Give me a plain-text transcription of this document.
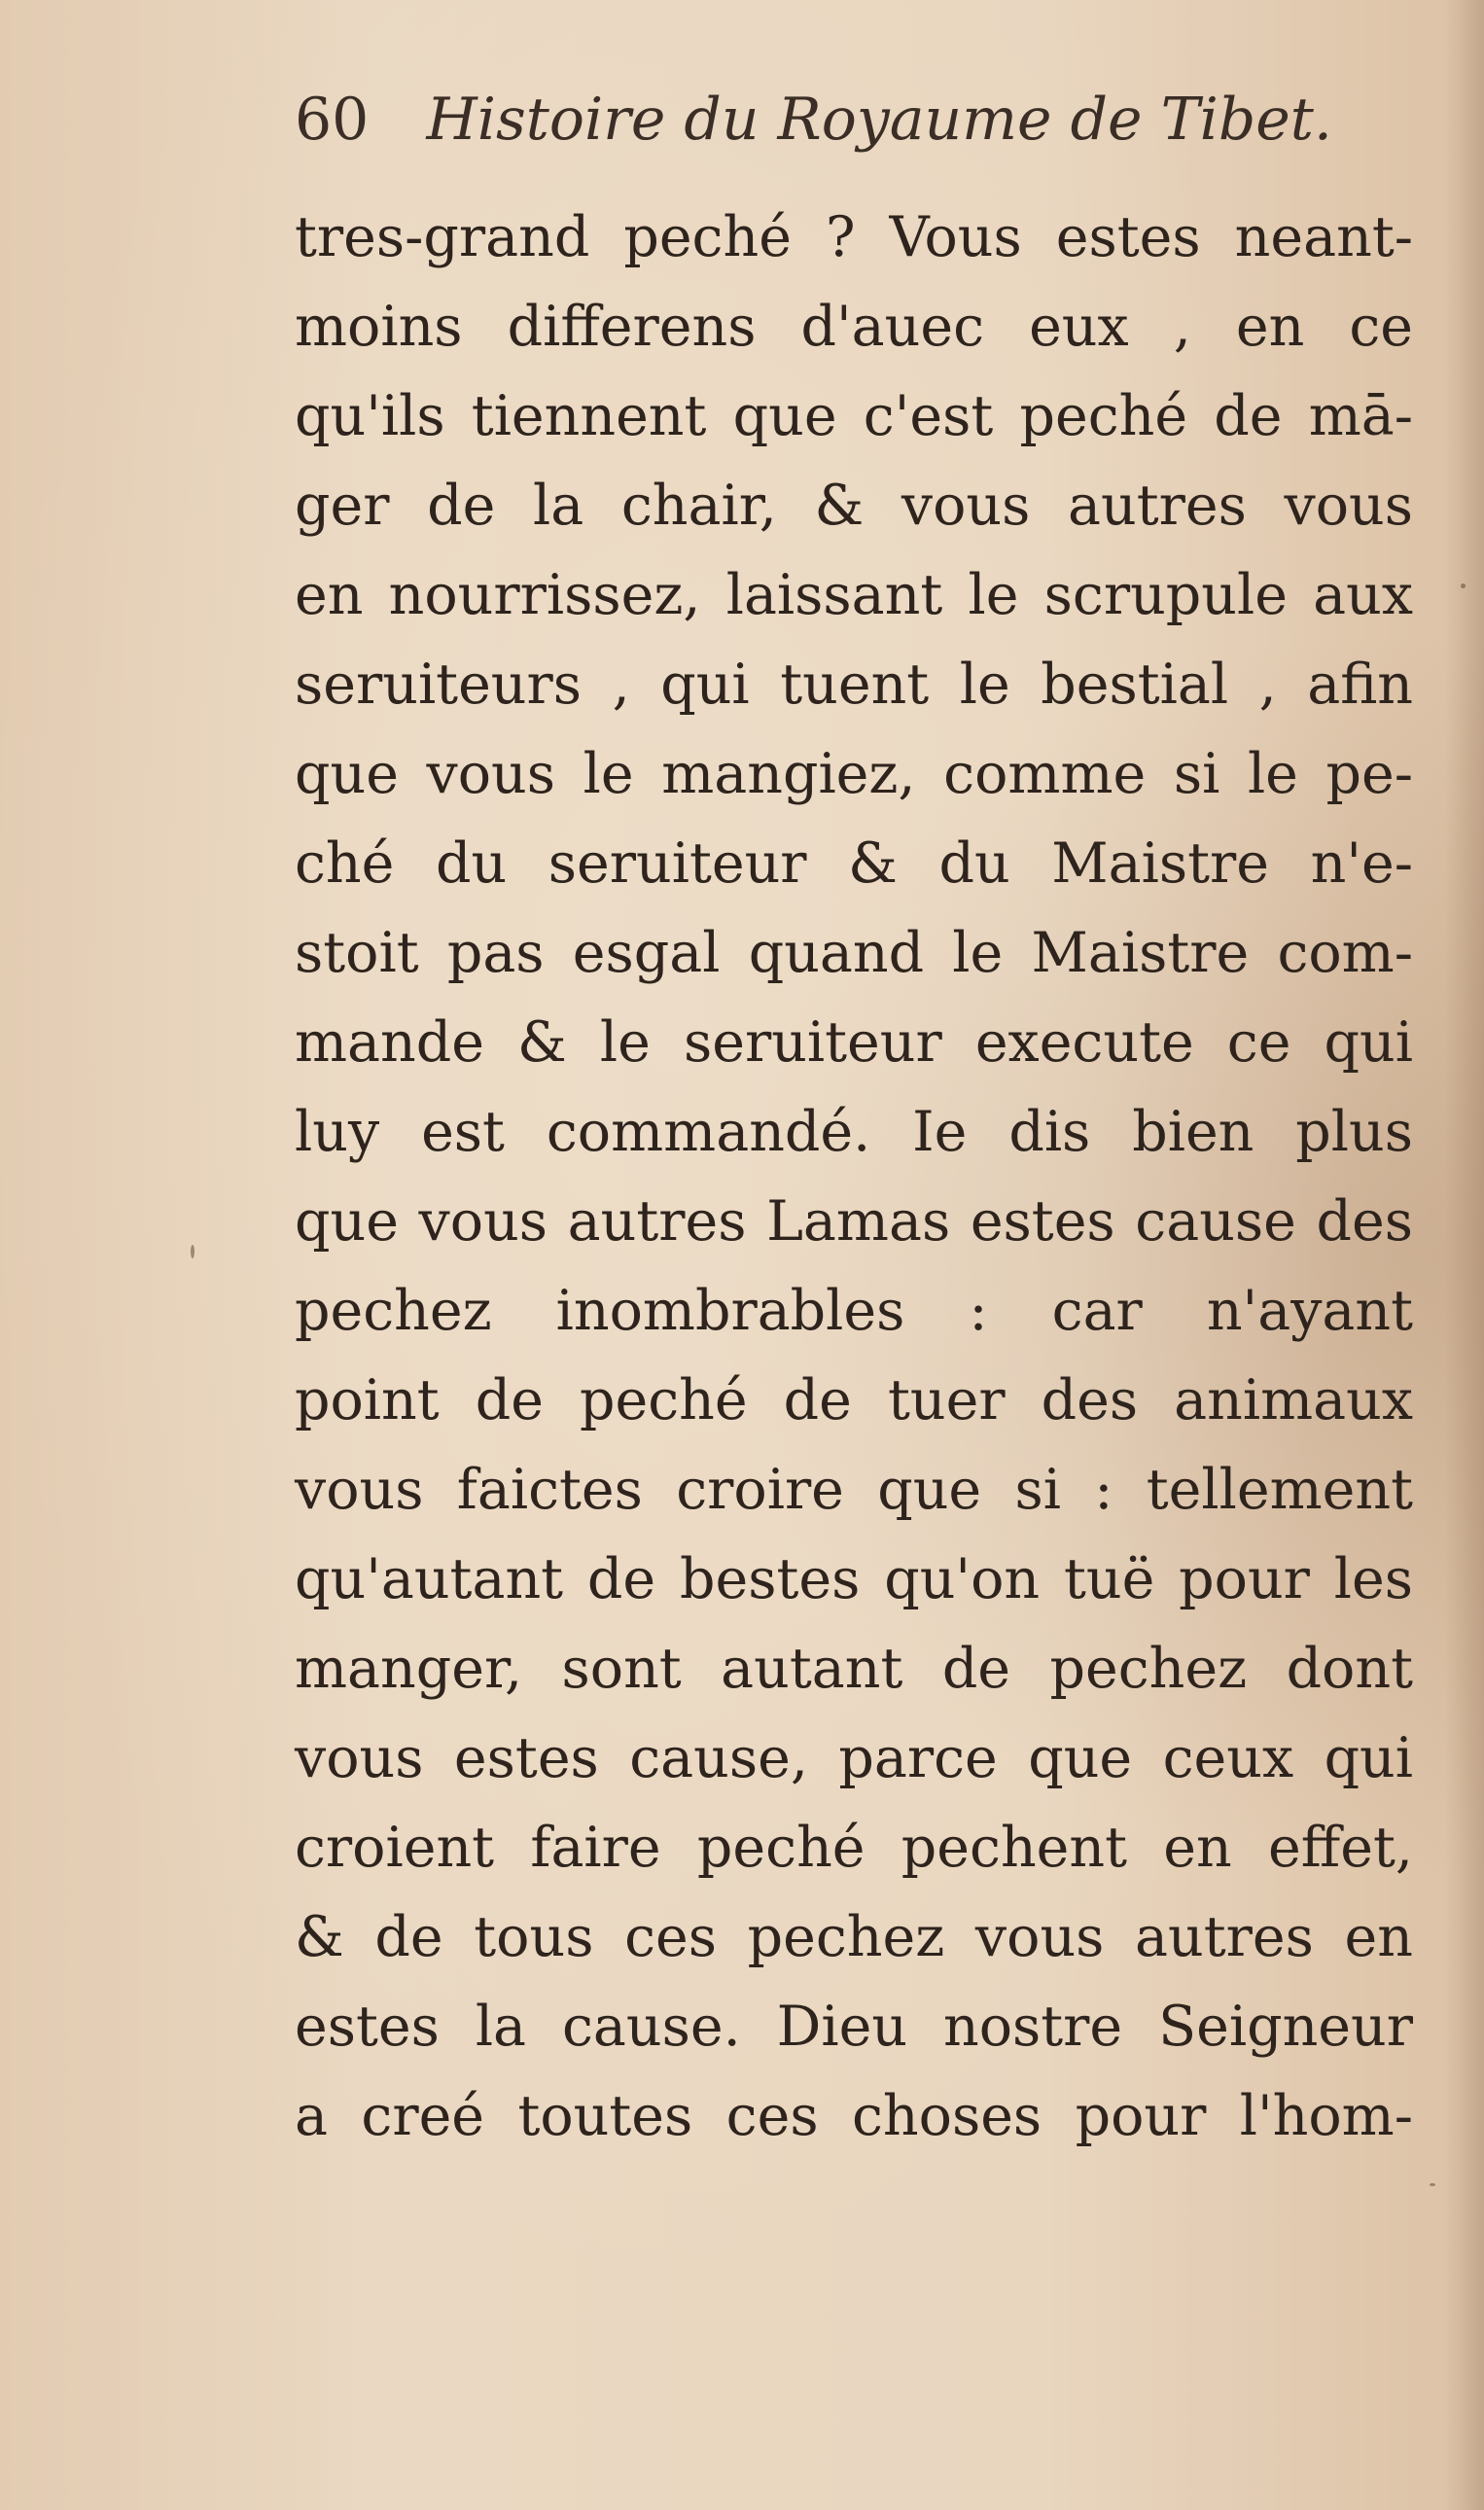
60 Histoire du Royaume de Tibet.
tres-grand peché ? Vous estes neant-
moins differens d'auec eux , en ce
qu'ils tiennent que c'est peché de mā-
ger de la chair, & vous autres vous
en nourrissez, laissant le scrupule aux
seruiteurs , qui tuent le bestial , afin
que vous le mangiez, comme si le pe-
ché du seruiteur & du Maistre n'e-
stoit pas esgal quand le Maistre com-
mande & le seruiteur execute ce qui
luy est commandé. Ie dis bien plus
que vous autres Lamas estes cause des
pechez inombrables : car n'ayant
point de peché de tuer des animaux
vous faictes croire que si : tellement
qu'autant de bestes qu'on tuë pour les
manger, sont autant de pechez dont
vous estes cause, parce que ceux qui
croient faire peché pechent en effet,
& de tous ces pechez vous autres en
estes la cause. Dieu nostre Seigneur
a creé toutes ces choses pour l'hom-
